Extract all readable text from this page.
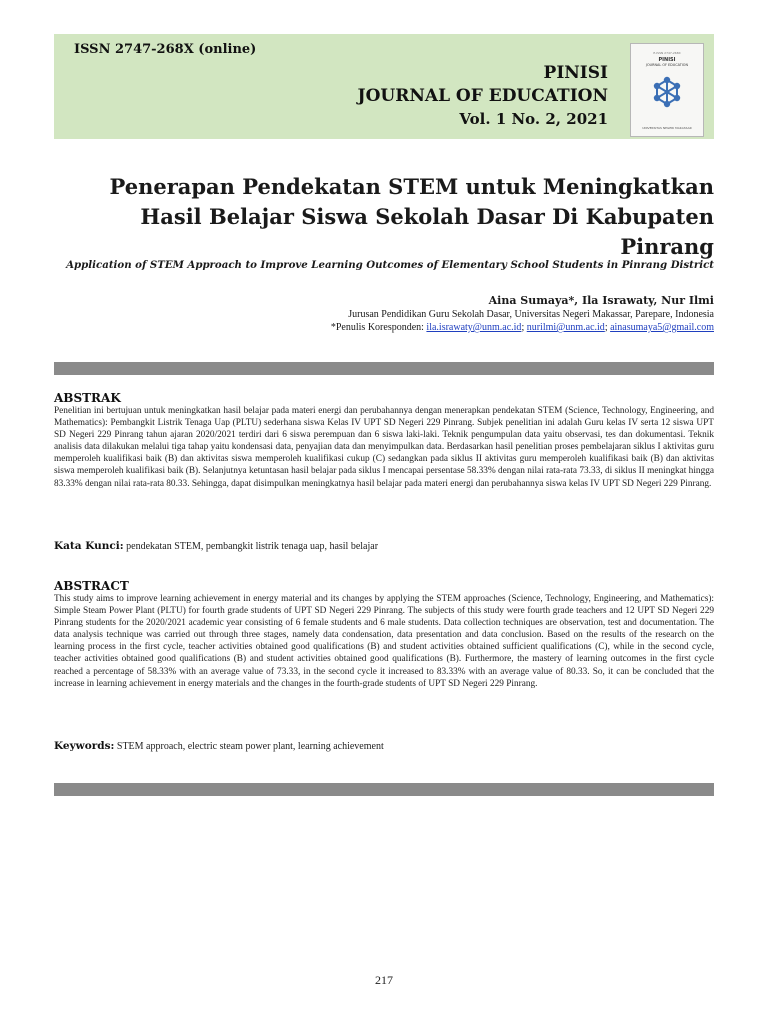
ISSN 2747-268X (online)
PINISI
JOURNAL OF EDUCATION
Vol. 1 No. 2, 2021
E-ISSN 2747-268X
PINISI
JOURNAL OF EDUCATION
UNIVERSITAS NEGERI MAKASSAR
Penerapan Pendekatan STEM untuk Meningkatkan Hasil Belajar Siswa Sekolah Dasar Di Kabupaten Pinrang
Application of STEM Approach to Improve Learning Outcomes of Elementary School Students in Pinrang District
Aina Sumaya*, Ila Israwaty, Nur Ilmi
Jurusan Pendidikan Guru Sekolah Dasar, Universitas Negeri Makassar, Parepare, Indonesia
*Penulis Koresponden: ila.israwaty@unm.ac.id; nurilmi@unm.ac.id; ainasumaya5@gmail.com
ABSTRAK
Penelitian ini bertujuan untuk meningkatkan hasil belajar pada materi energi dan perubahannya dengan menerapkan pendekatan STEM (Science, Technology, Engineering, and Mathematics): Pembangkit Listrik Tenaga Uap (PLTU) sederhana siswa Kelas IV UPT SD Negeri 229 Pinrang. Subjek penelitian ini adalah Guru kelas IV serta 12 siswa UPT SD Negeri 229 Pinrang tahun ajaran 2020/2021 terdiri dari 6 siswa perempuan dan 6 siswa laki-laki. Teknik pengumpulan data yaitu observasi, tes dan dokumentasi. Teknik analisis data dilakukan melalui tiga tahap yaitu kondensasi data, penyajian data dan menyimpulkan data. Berdasarkan hasil penelitian proses pembelajaran siklus I aktivitas guru memperoleh kualifikasi baik (B) dan aktivitas siswa memperoleh kualifikasi cukup (C) sedangkan pada siklus II aktivitas guru memperoleh kualifikasi baik (B) dan aktivitas siswa memperoleh kualifikasi baik (B). Selanjutnya ketuntasan hasil belajar pada siklus I mencapai persentase 58.33% dengan nilai rata-rata 73.33, di siklus II meningkat hingga 83.33% dengan nilai rata-rata 80.33. Sehingga, dapat disimpulkan meningkatnya hasil belajar pada materi energi dan perubahannya siswa kelas IV UPT SD Negeri 229 Pinrang.
Kata Kunci: pendekatan STEM, pembangkit listrik tenaga uap, hasil belajar
ABSTRACT
This study aims to improve learning achievement in energy material and its changes by applying the STEM approaches (Science, Technology, Engineering, and Mathematics): Simple Steam Power Plant (PLTU) for fourth grade students of UPT SD Negeri 229 Pinrang. The subjects of this study were fourth grade teachers and 12 UPT SD Negeri 229 Pinrang students for the 2020/2021 academic year consisting of 6 female students and 6 male students. Data collection techniques are observation, test and documentation. The data analysis technique was carried out through three stages, namely data condensation, data presentation and data conclusion. Based on the results of the research on the learning process in the first cycle, teacher activities obtained good qualifications (B) and student activities obtained sufficient qualifications (C), while in the second cycle, teacher activities obtained good qualifications (B) and student activities obtained good qualifications (B). Furthermore, the mastery of learning outcomes in the first cycle reached a percentage of 58.33% with an average value of 73.33, in the second cycle it increased to 83.33% with an average value of 80.33. So, it can be concluded that the increase in learning achievement in energy materials and the changes in the fourth-grade students of UPT SD Negeri 229 Pinrang.
Keywords: STEM approach, electric steam power plant, learning achievement
217
